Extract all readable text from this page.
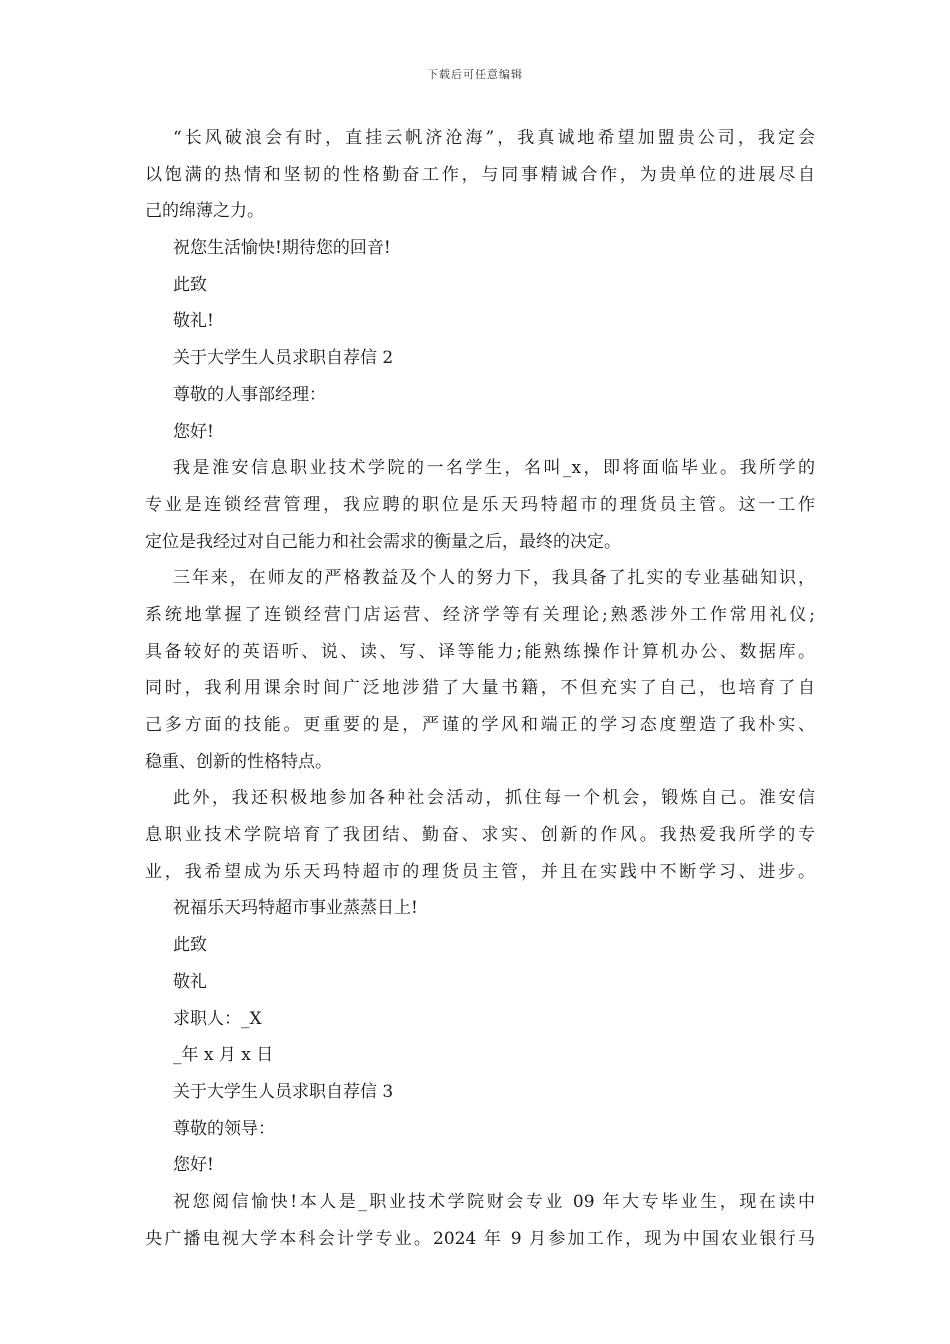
下载后可任意编辑
“长风破浪会有时，直挂云帆济沧海”，我真诚地希望加盟贵公司，我定会
以饱满的热情和坚韧的性格勤奋工作，与同事精诚合作，为贵单位的进展尽自
己的绵薄之力。
祝您生活愉快!期待您的回音!
此致
敬礼!
关于大学生人员求职自荐信 2
尊敬的人事部经理：
您好!
我是淮安信息职业技术学院的一名学生，名叫_x，即将面临毕业。我所学的
专业是连锁经营管理，我应聘的职位是乐天玛特超市的理货员主管。这一工作
定位是我经过对自己能力和社会需求的衡量之后，最终的决定。
三年来，在师友的严格教益及个人的努力下，我具备了扎实的专业基础知识，
系统地掌握了连锁经营门店运营、经济学等有关理论;熟悉涉外工作常用礼仪;
具备较好的英语听、说、读、写、译等能力;能熟练操作计算机办公、数据库。
同时，我利用课余时间广泛地涉猎了大量书籍，不但充实了自己，也培育了自
己多方面的技能。更重要的是，严谨的学风和端正的学习态度塑造了我朴实、
稳重、创新的性格特点。
此外，我还积极地参加各种社会活动，抓住每一个机会，锻炼自己。淮安信
息职业技术学院培育了我团结、勤奋、求实、创新的作风。我热爱我所学的专
业，我希望成为乐天玛特超市的理货员主管，并且在实践中不断学习、进步。
祝福乐天玛特超市事业蒸蒸日上!
此致
敬礼
求职人：_X
_年 x 月 x 日
关于大学生人员求职自荐信 3
尊敬的领导：
您好!
祝您阅信愉快!本人是_职业技术学院财会专业 09 年大专毕业生，现在读中
央广播电视大学本科会计学专业。2024 年 9 月参加工作，现为中国农业银行马
